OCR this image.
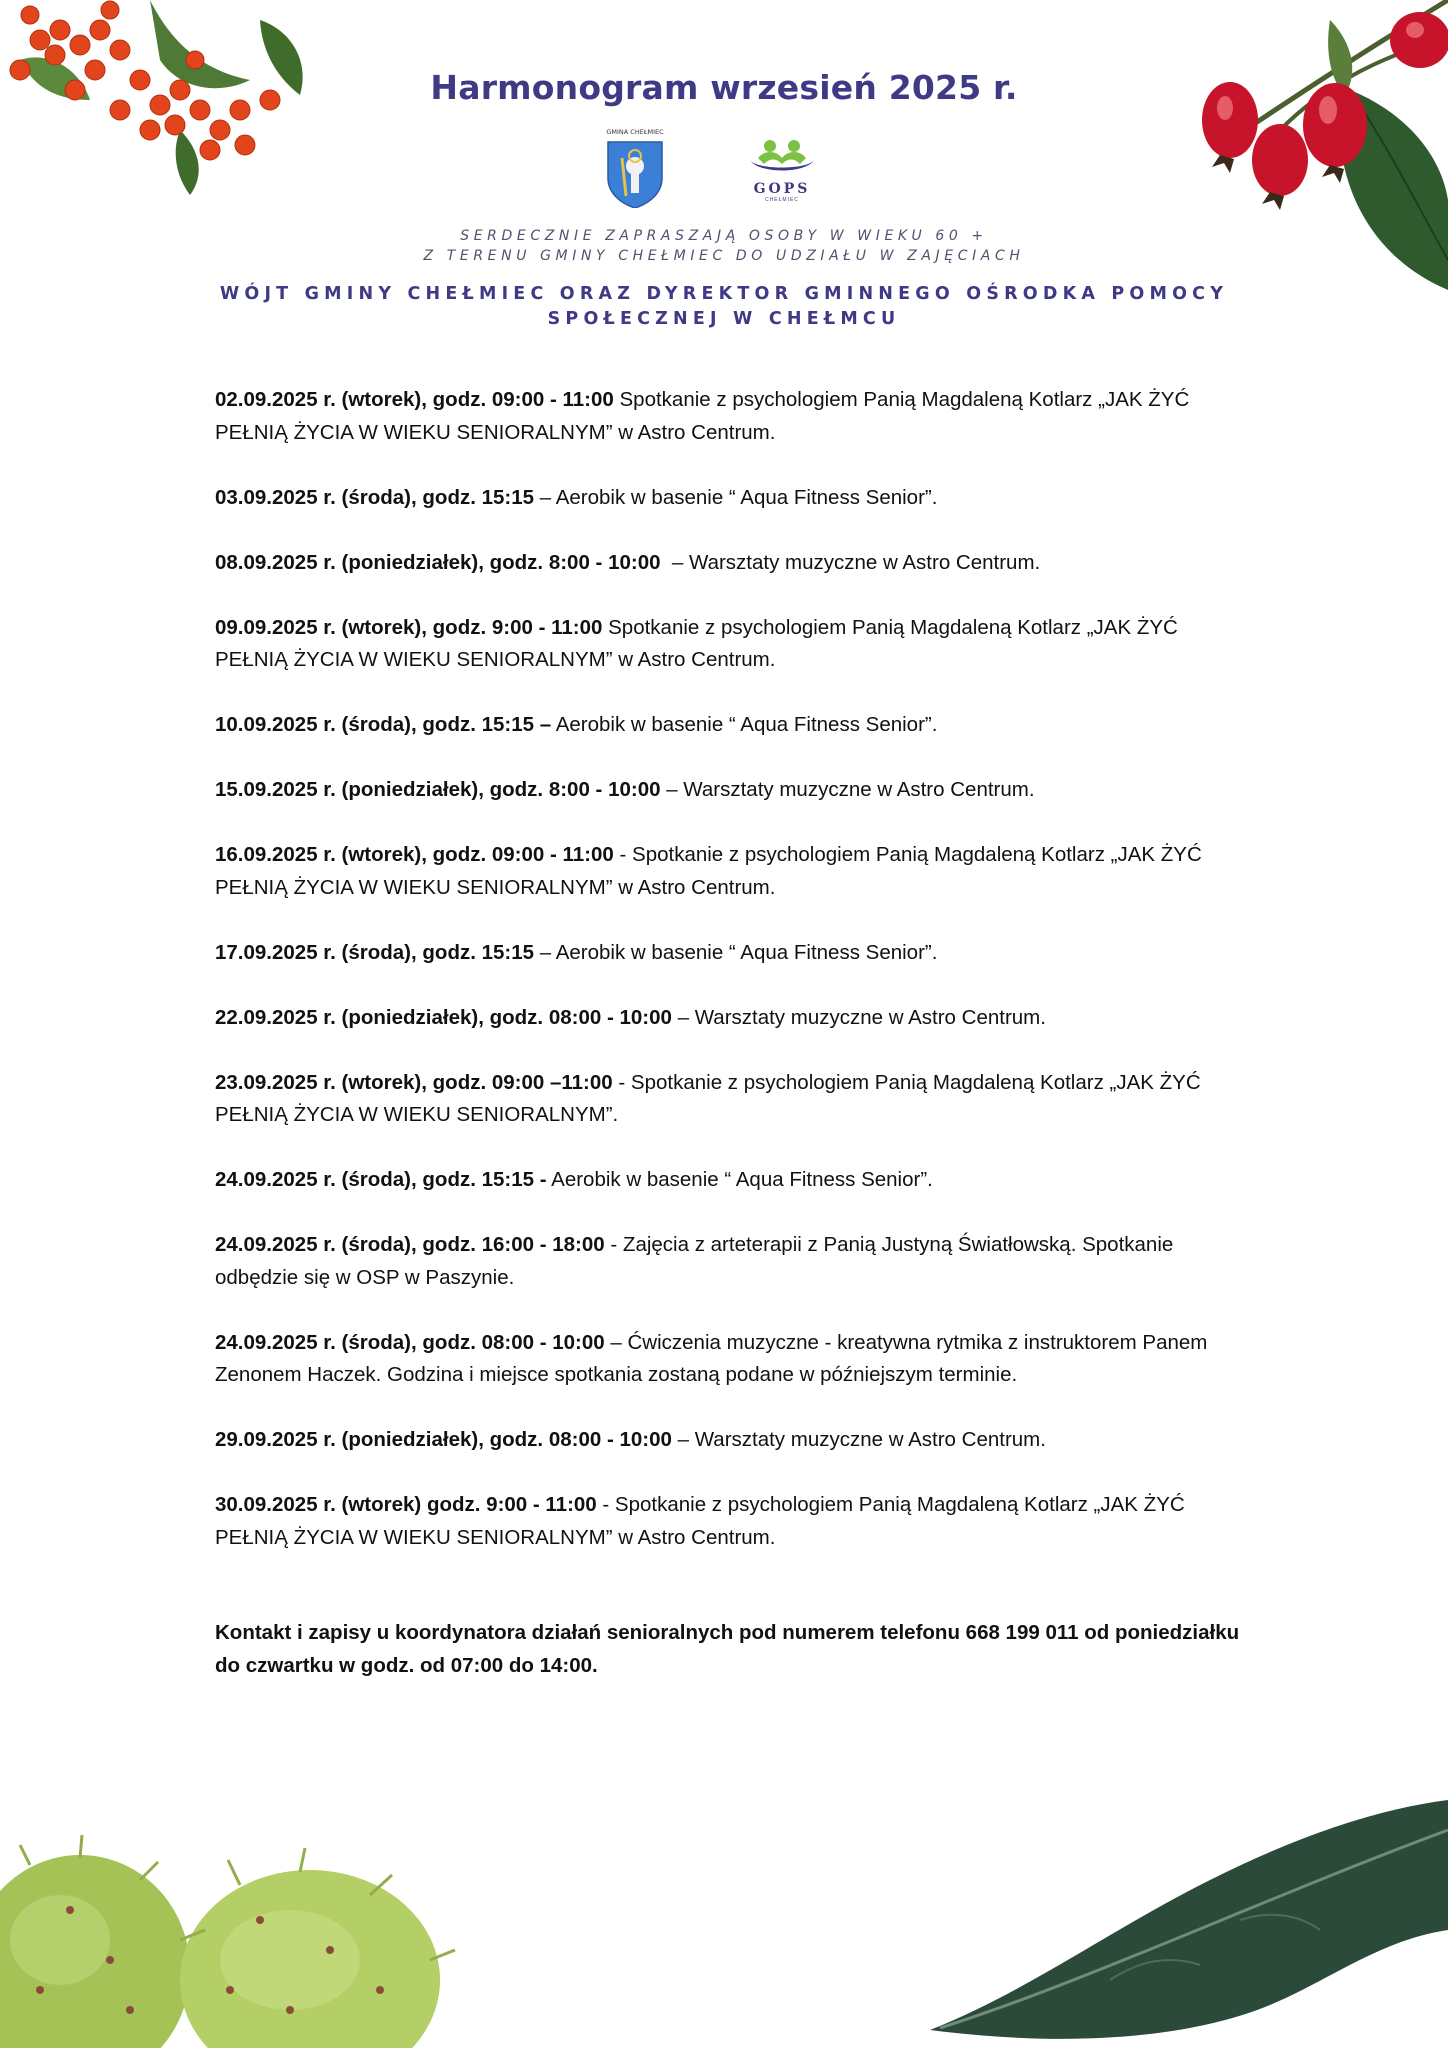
Harmonogram wrzesień 2025 r.
GMINA CHEŁMIEC
GOPS
CHEŁMIEC
SERDECZNIE ZAPRASZAJĄ OSOBY W WIEKU 60 +
Z TERENU GMINY CHEŁMIEC DO UDZIAŁU W ZAJĘCIACH
WÓJT GMINY CHEŁMIEC ORAZ DYREKTOR GMINNEGO OŚRODKA POMOCY
SPOŁECZNEJ W CHEŁMCU

02.09.2025 r. (wtorek), godz. 09:00 - 11:00 Spotkanie z psychologiem Panią Magdaleną Kotlarz „JAK ŻYĆ PEŁNIĄ ŻYCIA W WIEKU SENIORALNYM” w Astro Centrum.

03.09.2025 r. (środa), godz. 15:15 – Aerobik w basenie “ Aqua Fitness Senior”.

08.09.2025 r. (poniedziałek), godz. 8:00 - 10:00  – Warsztaty muzyczne w Astro Centrum.

09.09.2025 r. (wtorek), godz. 9:00 - 11:00 Spotkanie z psychologiem Panią Magdaleną Kotlarz „JAK ŻYĆ PEŁNIĄ ŻYCIA W WIEKU SENIORALNYM” w Astro Centrum.

10.09.2025 r. (środa), godz. 15:15 – Aerobik w basenie “ Aqua Fitness Senior”.

15.09.2025 r. (poniedziałek), godz. 8:00 - 10:00 – Warsztaty muzyczne w Astro Centrum.

16.09.2025 r. (wtorek), godz. 09:00 - 11:00 - Spotkanie z psychologiem Panią Magdaleną Kotlarz „JAK ŻYĆ PEŁNIĄ ŻYCIA W WIEKU SENIORALNYM” w Astro Centrum.

17.09.2025 r. (środa), godz. 15:15 – Aerobik w basenie “ Aqua Fitness Senior”.

22.09.2025 r. (poniedziałek), godz. 08:00 - 10:00 – Warsztaty muzyczne w Astro Centrum.

23.09.2025 r. (wtorek), godz. 09:00 –11:00 - Spotkanie z psychologiem Panią Magdaleną Kotlarz „JAK ŻYĆ PEŁNIĄ ŻYCIA W WIEKU SENIORALNYM”.

24.09.2025 r. (środa), godz. 15:15 - Aerobik w basenie “ Aqua Fitness Senior”.

24.09.2025 r. (środa), godz. 16:00 - 18:00 - Zajęcia z arteterapii z Panią Justyną Światłowską. Spotkanie odbędzie się w OSP w Paszynie.

24.09.2025 r. (środa), godz. 08:00 - 10:00 – Ćwiczenia muzyczne - kreatywna rytmika z instruktorem Panem Zenonem Haczek. Godzina i miejsce spotkania zostaną podane w późniejszym terminie.

29.09.2025 r. (poniedziałek), godz. 08:00 - 10:00 – Warsztaty muzyczne w Astro Centrum.

30.09.2025 r. (wtorek) godz. 9:00 - 11:00 - Spotkanie z psychologiem Panią Magdaleną Kotlarz „JAK ŻYĆ PEŁNIĄ ŻYCIA W WIEKU SENIORALNYM” w Astro Centrum.

Kontakt i zapisy u koordynatora działań senioralnych pod numerem telefonu 668 199 011 od poniedziałku do czwartku w godz. od 07:00 do 14:00.
